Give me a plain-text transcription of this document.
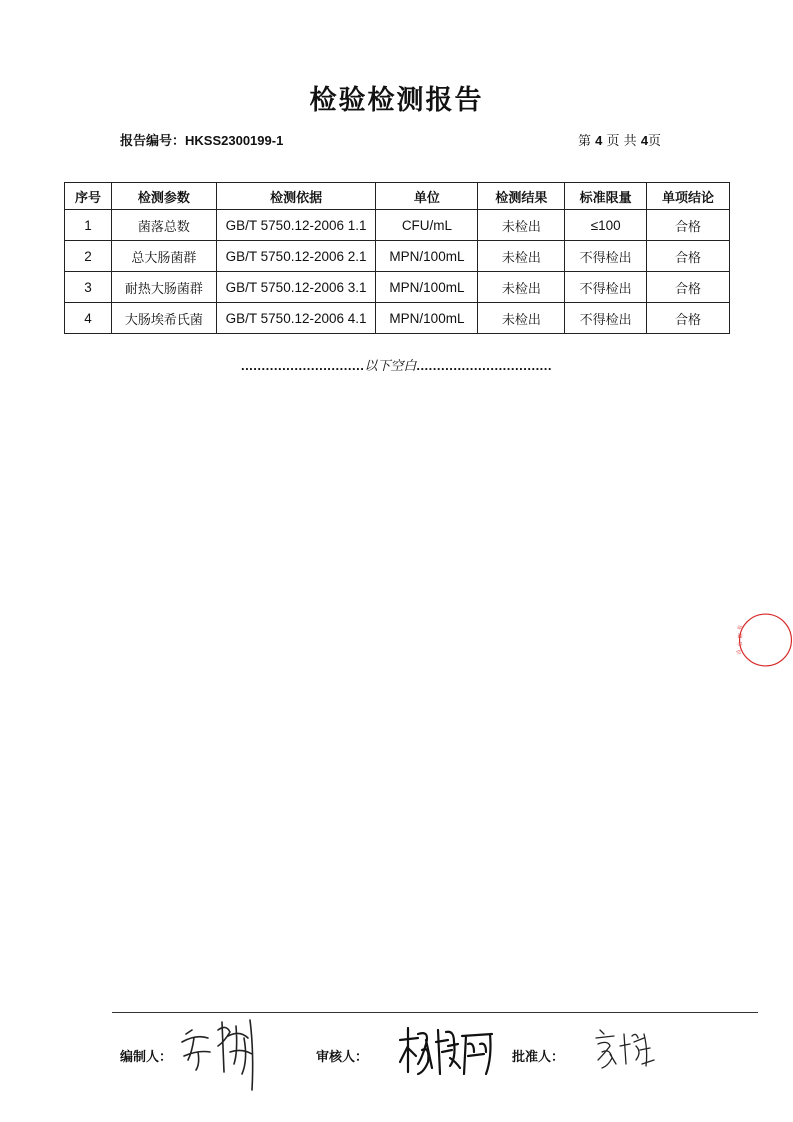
检验检测报告
报告编号：HKSS2300199-1	第 4 页 共 4页
序号	检测参数	检测依据	单位	检测结果	标准限量	单项结论
1	菌落总数	GB/T 5750.12-2006 1.1	CFU/mL	未检出	≤100	合格
2	总大肠菌群	GB/T 5750.12-2006 2.1	MPN/100mL	未检出	不得检出	合格
3	耐热大肠菌群	GB/T 5750.12-2006 3.1	MPN/100mL	未检出	不得检出	合格
4	大肠埃希氏菌	GB/T 5750.12-2006 4.1	MPN/100mL	未检出	不得检出	合格
..............................以下空白.................................
有
限
公
司
编制人：	审核人：	批准人：
